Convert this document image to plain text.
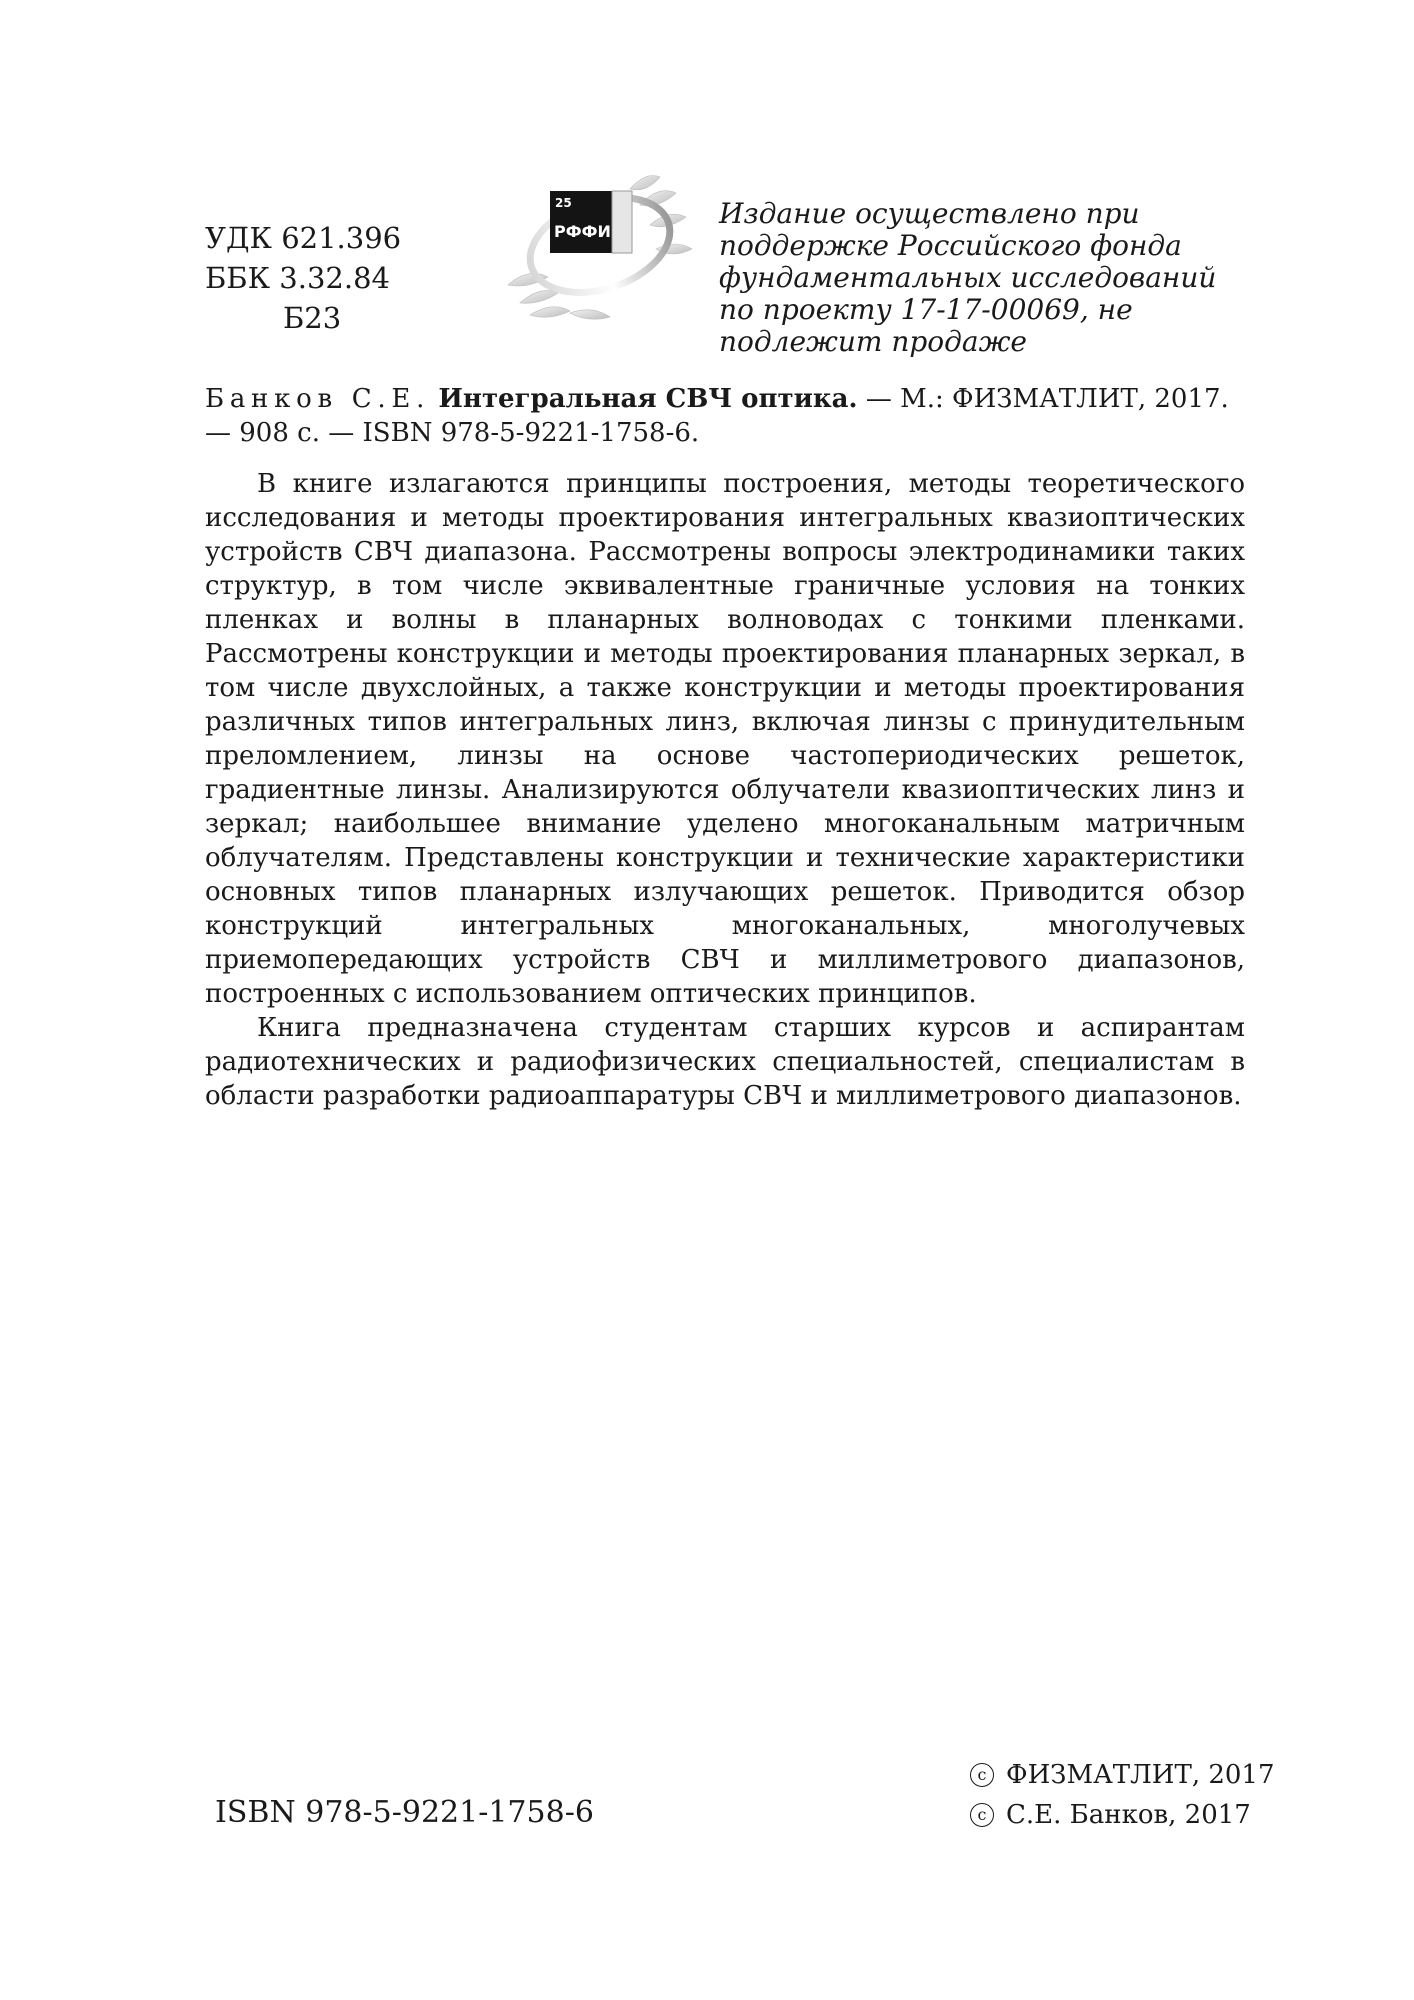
УДК 621.396
ББК 3.32.84
Б23
25
РФФИ
Издание осуществлено при поддержке Российского фонда фундаментальных исследований по проекту 17-17-00069, не подлежит продаже
Банков С.Е. Интегральная СВЧ оптика. — М.: ФИЗМАТЛИТ, 2017. — 908 с. — ISBN 978-5-9221-1758-6.

В книге излагаются принципы построения, методы теоретического исследования и методы проектирования интегральных квазиоптических устройств СВЧ диапазона. Рассмотрены вопросы электродинамики таких структур, в том числе эквивалентные граничные условия на тонких пленках и волны в планарных волноводах с тонкими пленками. Рассмотрены конструкции и методы проектирования планарных зеркал, в том числе двухслойных, а также конструкции и методы проектирования различных типов интегральных линз, включая линзы с принудительным преломлением, линзы на основе частопериодических решеток, градиентные линзы. Анализируются облучатели квазиоптических линз и зеркал; наибольшее внимание уделено многоканальным матричным облучателям. Представлены конструкции и технические характеристики основных типов планарных излучающих решеток. Приводится обзор конструкций интегральных многоканальных, многолучевых приемопередающих устройств СВЧ и миллиметрового диапазонов, построенных с использованием оптических принципов.

Книга предназначена студентам старших курсов и аспирантам радиотехнических и радиофизических специальностей, специалистам в области разработки радиоаппаратуры СВЧ и миллиметрового диапазонов.

ISBN 978-5-9221-1758-6
c ФИЗМАТЛИТ, 2017
c С.Е. Банков, 2017
